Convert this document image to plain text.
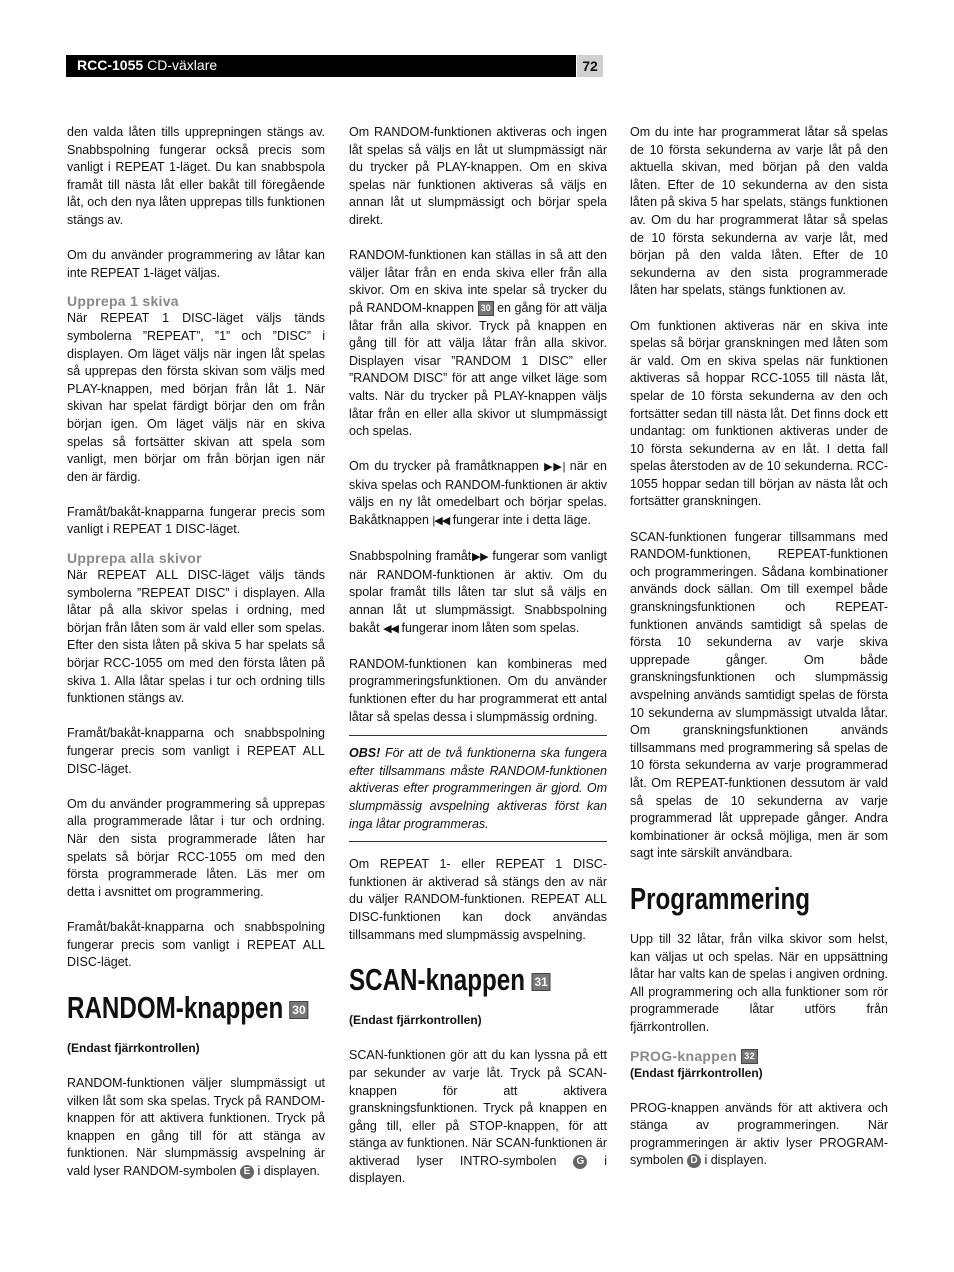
RCC-1055 CD-växlare	72

den valda låten tills upprepningen stängs av. Snabbspolning fungerar också precis som vanligt i REPEAT 1-läget. Du kan snabbspola framåt till nästa låt eller bakåt till föregående låt, och den nya låten upprepas tills funktionen stängs av.

Om du använder programmering av låtar kan inte REPEAT 1-läget väljas.

Upprepa 1 skiva

När REPEAT 1 DISC-läget väljs tänds symbolerna ”REPEAT”, ”1” och ”DISC” i displayen. Om läget väljs när ingen låt spelas så upprepas den första skivan som väljs med PLAY-knappen, med början från låt 1. När skivan har spelat färdigt börjar den om från början igen. Om läget väljs när en skiva spelas så fortsätter skivan att spela som vanligt, men börjar om från början igen när den är färdig.

Framåt/bakåt-knapparna fungerar precis som vanligt i REPEAT 1 DISC-läget.

Upprepa alla skivor

När REPEAT ALL DISC-läget väljs tänds symbolerna ”REPEAT DISC” i displayen. Alla låtar på alla skivor spelas i ordning, med början från låten som är vald eller som spelas. Efter den sista låten på skiva 5 har spelats så börjar RCC-1055 om med den första låten på skiva 1. Alla låtar spelas i tur och ordning tills funktionen stängs av.

Framåt/bakåt-knapparna och snabbspolning fungerar precis som vanligt i REPEAT ALL DISC-läget.

Om du använder programmering så upprepas alla programmerade låtar i tur och ordning. När den sista programmerade låten har spelats så börjar RCC-1055 om med den första programmerade låten. Läs mer om detta i avsnittet om programmering.

Framåt/bakåt-knapparna och snabbspolning fungerar precis som vanligt i REPEAT ALL DISC-läget.

RANDOM-knappen 30

(Endast fjärrkontrollen)

RANDOM-funktionen väljer slumpmässigt ut vilken låt som ska spelas. Tryck på RANDOM-knappen för att aktivera funktionen. Tryck på knappen en gång till för att stänga av funktionen. När slumpmässig avspelning är vald lyser RANDOM-symbolen E i displayen.

Om RANDOM-funktionen aktiveras och ingen låt spelas så väljs en låt ut slumpmässigt när du trycker på PLAY-knappen. Om en skiva spelas när funktionen aktiveras så väljs en annan låt ut slumpmässigt och börjar spela direkt.

RANDOM-funktionen kan ställas in så att den väljer låtar från en enda skiva eller från alla skivor. Om en skiva inte spelar så trycker du på RANDOM-knappen 30 en gång för att välja låtar från alla skivor. Tryck på knappen en gång till för att välja låtar från alla skivor. Displayen visar ”RANDOM 1 DISC” eller ”RANDOM DISC” för att ange vilket läge som valts. När du trycker på PLAY-knappen väljs låtar från en eller alla skivor ut slumpmässigt och spelas.

Om du trycker på framåtknappen ▶▶| när en skiva spelas och RANDOM-funktionen är aktiv väljs en ny låt omedelbart och börjar spelas. Bakåtknappen |◀◀ fungerar inte i detta läge.

Snabbspolning framåt▶▶ fungerar som vanligt när RANDOM-funktionen är aktiv. Om du spolar framåt tills låten tar slut så väljs en annan låt ut slumpmässigt. Snabbspolning bakåt ◀◀ fungerar inom låten som spelas.

RANDOM-funktionen kan kombineras med programmeringsfunktionen. Om du använder funktionen efter du har programmerat ett antal låtar så spelas dessa i slumpmässig ordning.

OBS! För att de två funktionerna ska fungera efter tillsammans måste RANDOM-funktionen aktiveras efter programmeringen är gjord. Om slumpmässig avspelning aktiveras först kan inga låtar programmeras.

Om REPEAT 1- eller REPEAT 1 DISC-funktionen är aktiverad så stängs den av när du väljer RANDOM-funktionen. REPEAT ALL DISC-funktionen kan dock användas tillsammans med slumpmässig avspelning.

SCAN-knappen 31

(Endast fjärrkontrollen)

SCAN-funktionen gör att du kan lyssna på ett par sekunder av varje låt. Tryck på SCAN-knappen för att aktivera granskningsfunktionen. Tryck på knappen en gång till, eller på STOP-knappen, för att stänga av funktionen. När SCAN-funktionen är aktiverad lyser INTRO-symbolen G i displayen.

Om du inte har programmerat låtar så spelas de 10 första sekunderna av varje låt på den aktuella skivan, med början på den valda låten. Efter de 10 sekunderna av den sista låten på skiva 5 har spelats, stängs funktionen av. Om du har programmerat låtar så spelas de 10 första sekunderna av varje låt, med början på den valda låten. Efter de 10 sekunderna av den sista programmerade låten har spelats, stängs funktionen av.

Om funktionen aktiveras när en skiva inte spelas så börjar granskningen med låten som är vald. Om en skiva spelas när funktionen aktiveras så hoppar RCC-1055 till nästa låt, spelar de 10 första sekunderna av den och fortsätter sedan till nästa låt. Det finns dock ett undantag: om funktionen aktiveras under de 10 första sekunderna av en låt. I detta fall spelas återstoden av de 10 sekunderna. RCC-1055 hoppar sedan till början av nästa låt och fortsätter granskningen.

SCAN-funktionen fungerar tillsammans med RANDOM-funktionen, REPEAT-funktionen och programmeringen. Sådana kombinationer används dock sällan. Om till exempel både granskningsfunktionen och REPEAT-funktionen används samtidigt så spelas de första 10 sekunderna av varje skiva upprepade gånger. Om både granskningsfunktionen och slumpmässig avspelning används samtidigt spelas de första 10 sekunderna av slumpmässigt utvalda låtar. Om granskningsfunktionen används tillsammans med programmering så spelas de 10 första sekunderna av varje programmerad låt. Om REPEAT-funktionen dessutom är vald så spelas de 10 sekunderna av varje programmerad låt upprepade gånger. Andra kombinationer är också möjliga, men är som sagt inte särskilt användbara.

Programmering

Upp till 32 låtar, från vilka skivor som helst, kan väljas ut och spelas. När en uppsättning låtar har valts kan de spelas i angiven ordning. All programmering och alla funktioner som rör programmerade låtar utförs från fjärrkontrollen.

PROG-knappen 32

(Endast fjärrkontrollen)

PROG-knappen används för att aktivera och stänga av programmeringen. När programmeringen är aktiv lyser PROGRAM-symbolen D i displayen.
